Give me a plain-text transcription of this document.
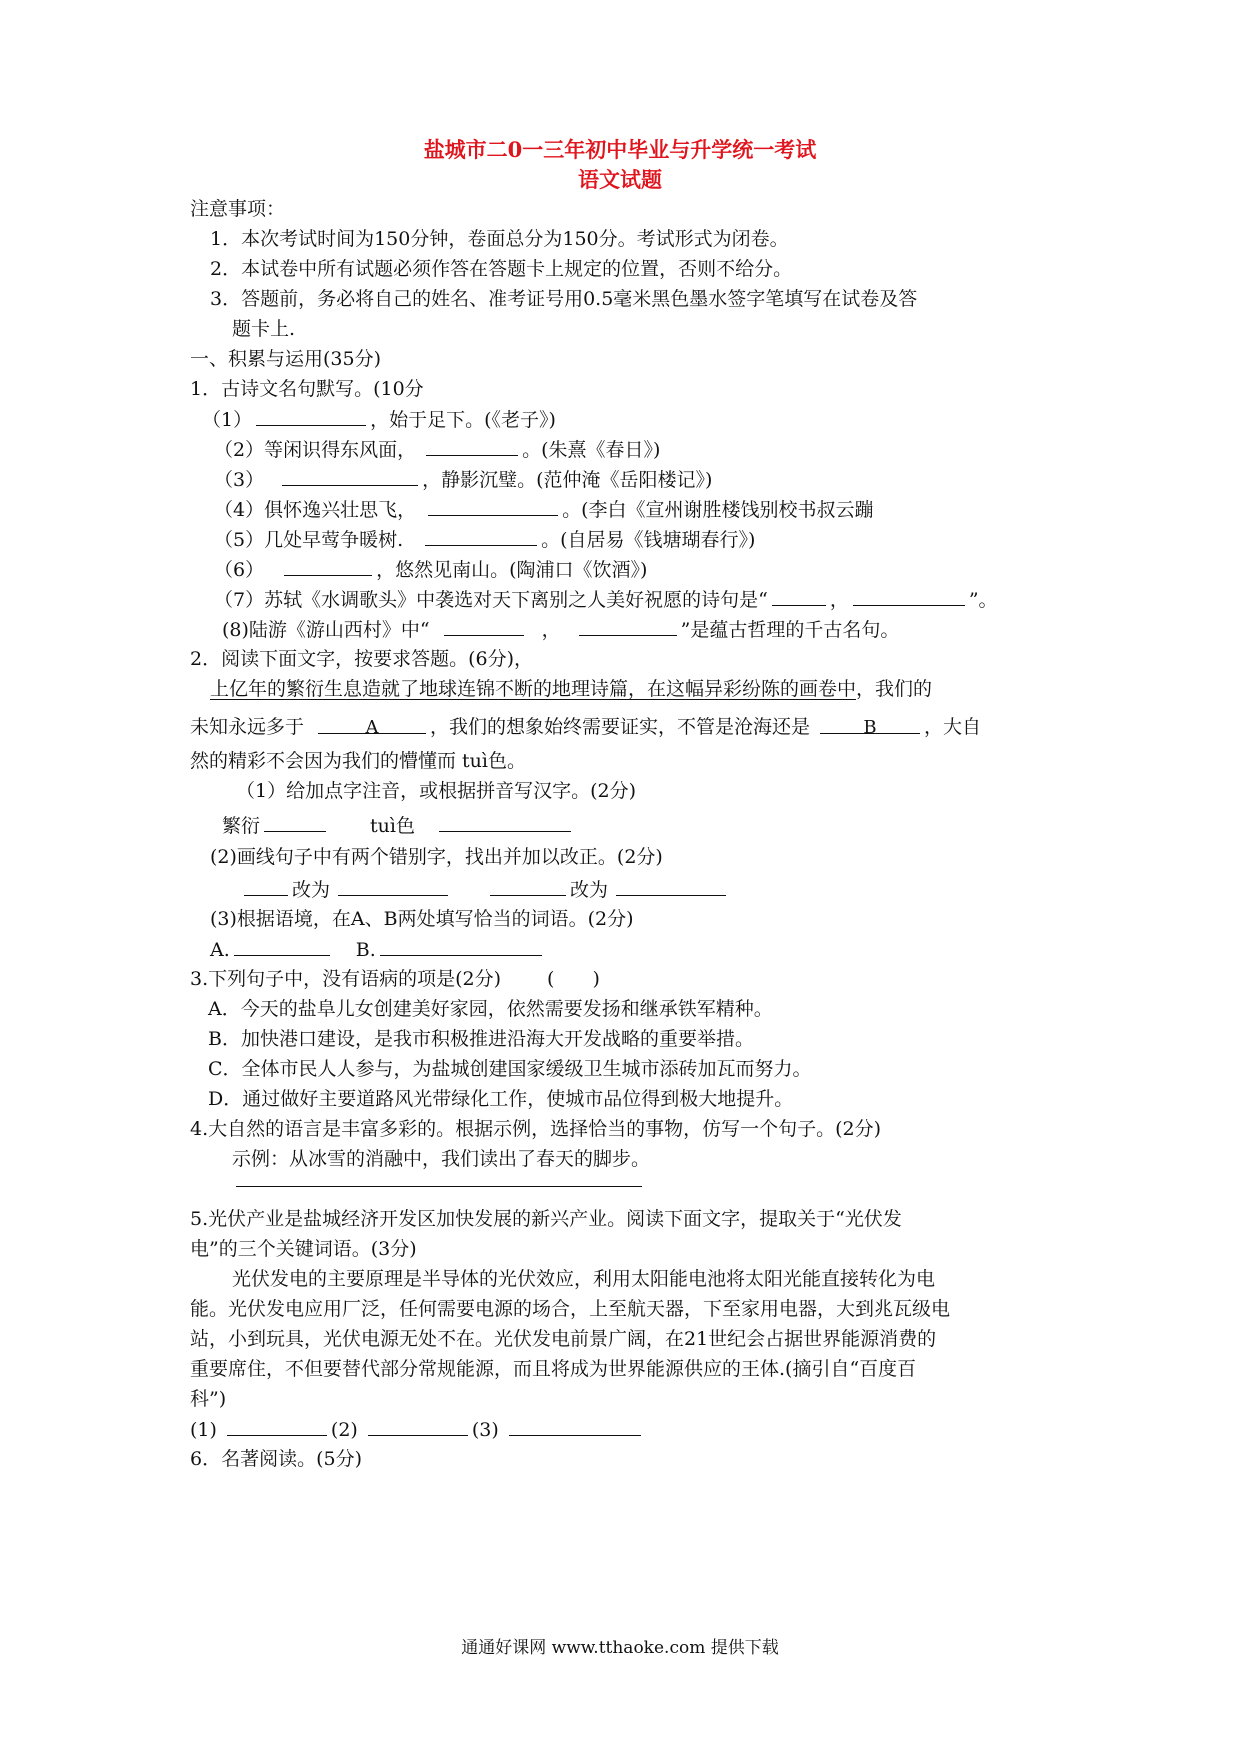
盐城市二0一三年初中毕业与升学统一考试
语文试题
注意事项：
1．本次考试时间为150分钟，卷面总分为150分。考试形式为闭卷。
2．本试卷中所有试题必须作答在答题卡上规定的位置，否则不给分。
3．答题前，务必将自己的姓名、准考证号用0.5毫米黑色墨水签字笔填写在试卷及答
题卡上.
一、积累与运用(35分)
1．古诗文名句默写。(10分
（1）	，始于足下。(《老子》)
（2）等闲识得东风面，	。(朱熹《春日》)
（3）	，静影沉璧。(范仲淹《岳阳楼记》)
（4）俱怀逸兴壮思飞，	。(李白《宣州谢胜楼饯别校书叔云蹦
（5）几处早莺争暖树.	。(自居易《钱塘瑚春行》)
（6）	，悠然见南山。(陶浦口《饮酒》)
（7）苏轼《水调歌头》中袭选对天下离别之人美好祝愿的诗句是“	，	”。
(8)陆游《游山西村》中“	，	”是蕴古哲理的千古名句。
2．阅读下面文字，按要求答题。(6分)，
上亿年的繁衍生息造就了地球连锦不断的地理诗篇，在这幅异彩纷陈的画卷中，我们的
未知永远多于	A	，我们的想象始终需要证实，不管是沧海还是	B ，大自
然的精彩不会因为我们的懵懂而 tuì色。
（1）给加点字注音，或根据拼音写汉字。(2分)
繁衍	tuì色
(2)画线句子中有两个错别字，找出并加以改正。(2分)
改为	改为
(3)根据语境，在A、B两处填写恰当的词语。(2分)
A.	B.
3.下列句子中，没有语病的项是(2分) (　　)
A．今天的盐阜儿女创建美好家园，依然需要发扬和继承铁军精种。
B．加快港口建设，是我市积极推进沿海大开发战略的重要举措。
C．全体市民人人参与，为盐城创建国家缓级卫生城市添砖加瓦而努力。
D．通过做好主要道路风光带绿化工作，使城市品位得到极大地提升。
4.大自然的语言是丰富多彩的。根据示例，选择恰当的事物，仿写一个句子。(2分)
示例：从冰雪的消融中，我们读出了春天的脚步。
5.光伏产业是盐城经济开发区加快发展的新兴产业。阅读下面文字，提取关于“光伏发
电”的三个关键词语。(3分)
光伏发电的主要原理是半导体的光伏效应，利用太阳能电池将太阳光能直接转化为电
能。光伏发电应用厂泛，任何需要电源的场合，上至航天器，下至家用电器，大到兆瓦级电
站，小到玩具，光伏电源无处不在。光伏发电前景广阔，在21世纪会占据世界能源消费的
重要席住，不但要替代部分常规能源，而且将成为世界能源供应的王体.(摘引自“百度百
科”)
(1)	(2)	(3)
6．名著阅读。(5分)
通通好课网 www.tthaoke.com 提供下载
